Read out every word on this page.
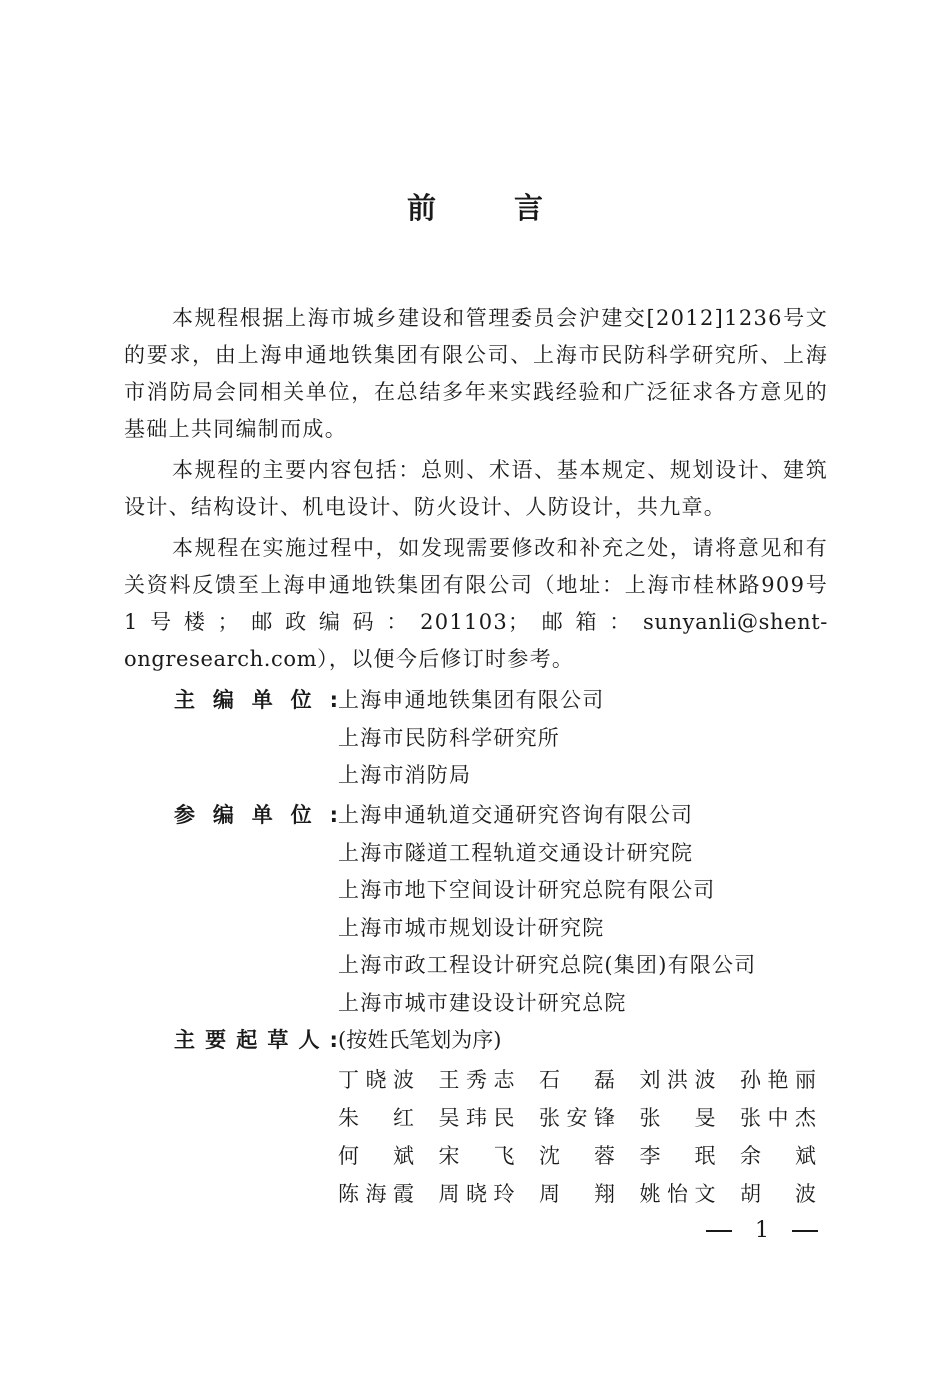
前 言

本规程根据上海市城乡建设和管理委员会沪建交[2012]1236号文的要求，由上海申通地铁集团有限公司、上海市民防科学研究所、上海市消防局会同相关单位，在总结多年来实践经验和广泛征求各方意见的基础上共同编制而成。

本规程的主要内容包括：总则、术语、基本规定、规划设计、建筑设计、结构设计、机电设计、防火设计、人防设计，共九章。

本规程在实施过程中，如发现需要修改和补充之处，请将意见和有关资料反馈至上海申通地铁集团有限公司（地址：上海市桂林路909号1号楼；邮政编码：201103；邮箱：sunyanli@shent-ongresearch.com），以便今后修订时参考。

主 编 单 位 : 上海申通地铁集团有限公司
上海市民防科学研究所
上海市消防局
参 编 单 位 : 上海申通轨道交通研究咨询有限公司
上海市隧道工程轨道交通设计研究院
上海市地下空间设计研究总院有限公司
上海市城市规划设计研究院
上海市政工程设计研究总院(集团)有限公司
上海市城市建设设计研究总院
主 要 起 草 人 : (按姓氏笔划为序)
丁 晓 波 王 秀 志 石 磊 刘 洪 波 孙 艳 丽
朱 红 吴 玮 民 张 安 锋 张 旻 张 中 杰
何 斌 宋 飞 沈 蓉 李 珉 余 斌
陈 海 霞 周 晓 玲 周 翔 姚 怡 文 胡 波
1
